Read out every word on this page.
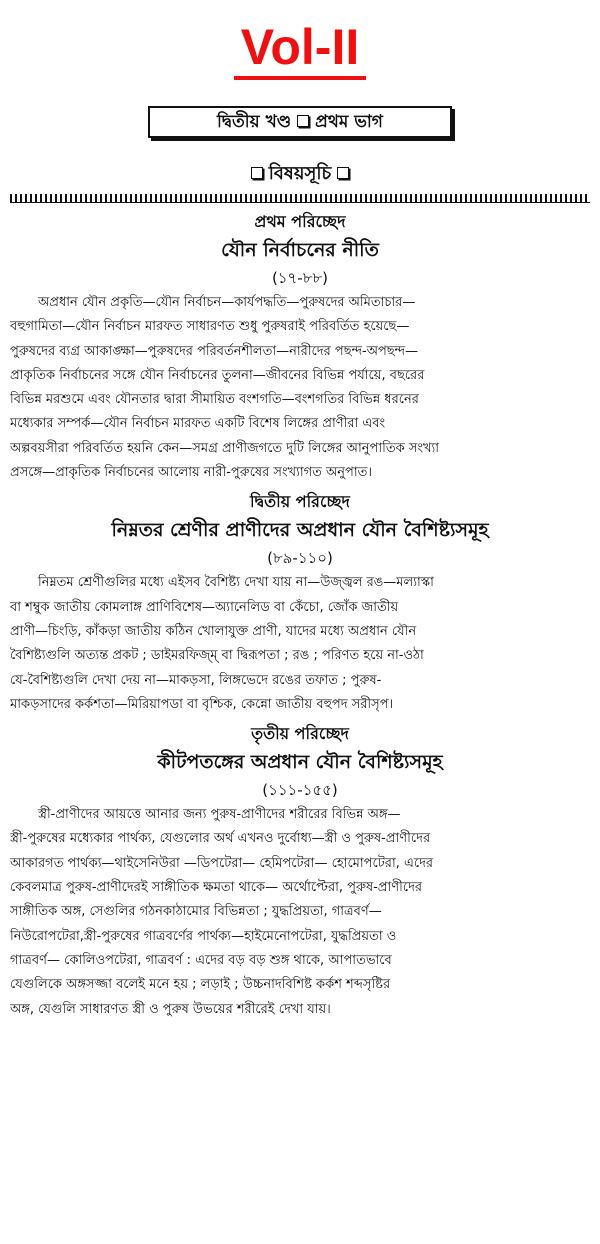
Vol-II
দ্বিতীয় খণ্ড প্রথম ভাগ
বিষয়সূচি
প্রথম পরিচ্ছেদ
যৌন নির্বাচনের নীতি
(১৭-৮৮)
অপ্রধান যৌন প্রকৃতি—যৌন নির্বাচন—কার্যপদ্ধতি—পুরুষদের অমিতাচার—
বহুগামিতা—যৌন নির্বাচন মারফত সাধারণত শুধু পুরুষরাই পরিবর্তিত হয়েছে—
পুরুষদের ব্যগ্র আকাঙ্ক্ষা—পুরুষদের পরিবর্তনশীলতা—নারীদের পছন্দ-অপছন্দ—
প্রাকৃতিক নির্বাচনের সঙ্গে যৌন নির্বাচনের তুলনা—জীবনের বিভিন্ন পর্যায়ে, বছরের
বিভিন্ন মরশুমে এবং যৌনতার দ্বারা সীমায়িত বংশগতি—বংশগতির বিভিন্ন ধরনের
মধ্যেকার সম্পর্ক—যৌন নির্বাচন মারফত একটি বিশেষ লিঙ্গের প্রাণীরা এবং
অল্পবয়সীরা পরিবর্তিত হয়নি কেন—সমগ্র প্রাণীজগতে দুটি লিঙ্গের আনুপাতিক সংখ্যা
প্রসঙ্গে—প্রাকৃতিক নির্বাচনের আলোয় নারী-পুরুষের সংখ্যাগত অনুপাত।
দ্বিতীয় পরিচ্ছেদ
নিম্নতর শ্রেণীর প্রাণীদের অপ্রধান যৌন বৈশিষ্ট্যসমূহ
(৮৯-১১০)
নিম্নতম শ্রেণীগুলির মধ্যে এইসব বৈশিষ্ট্য দেখা যায় না—উজ্জ্বল রঙ—মল্যাস্কা
বা শম্বুক জাতীয় কোমলাঙ্গ প্রাণিবিশেষ—অ্যানেলিড বা কেঁচো, জোঁক জাতীয়
প্রাণী—চিংড়ি, কাঁকড়া জাতীয় কঠিন খোলাযুক্ত প্রাণী, যাদের মধ্যে অপ্রধান যৌন
বৈশিষ্ট্যগুলি অত্যন্ত প্রকট ; ডাইমরফিজ্‌ম্‌ বা দ্বিরূপতা ; রঙ ; পরিণত হয়ে না-ওঠা
যে-বৈশিষ্ট্যগুলি দেখা দেয় না—মাকড়সা, লিঙ্গভেদে রঙের তফাত ; পুরুষ-
মাকড়সাদের কর্কশতা—মিরিয়াপডা বা বৃশ্চিক, কেন্নো জাতীয় বহুপদ সরীসৃপ।
তৃতীয় পরিচ্ছেদ
কীটপতঙ্গের অপ্রধান যৌন বৈশিষ্ট্যসমূহ
(১১১-১৫৫)
স্ত্রী-প্রাণীদের আয়ত্তে আনার জন্য পুরুষ-প্রাণীদের শরীরের বিভিন্ন অঙ্গ—
স্ত্রী-পুরুষের মধ্যেকার পার্থক্য, যেগুলোর অর্থ এখনও দুর্বোধ্য—স্ত্রী ও পুরুষ-প্রাণীদের
আকারগত পার্থক্য—থাইসেনিউরা —ডিপটেরা— হেমিপটেরা— হোমোপটেরা, এদের
কেবলমাত্র পুরুষ-প্রাণীদেরই সাঙ্গীতিক ক্ষমতা থাকে— অর্থোপ্টেরা, পুরুষ-প্রাণীদের
সাঙ্গীতিক অঙ্গ, সেগুলির গঠনকাঠামোর বিভিন্নতা ; যুদ্ধপ্রিয়তা, গাত্রবর্ণ—
নিউরোপটেরা,স্ত্রী-পুরুষের গাত্রবর্ণের পার্থক্য—হাইমেনোপটেরা, যুদ্ধপ্রিয়তা ও
গাত্রবর্ণ— কোলিওপটেরা, গাত্রবর্ণ : এদের বড় বড় শুঙ্গ থাকে, আপাতভাবে
যেগুলিকে অঙ্গসজ্জা বলেই মনে হয় ; লড়াই ; উচ্চনাদবিশিষ্ট কর্কশ শব্দসৃষ্টির
অঙ্গ, যেগুলি সাধারণত স্ত্রী ও পুরুষ উভয়ের শরীরেই দেখা যায়।
